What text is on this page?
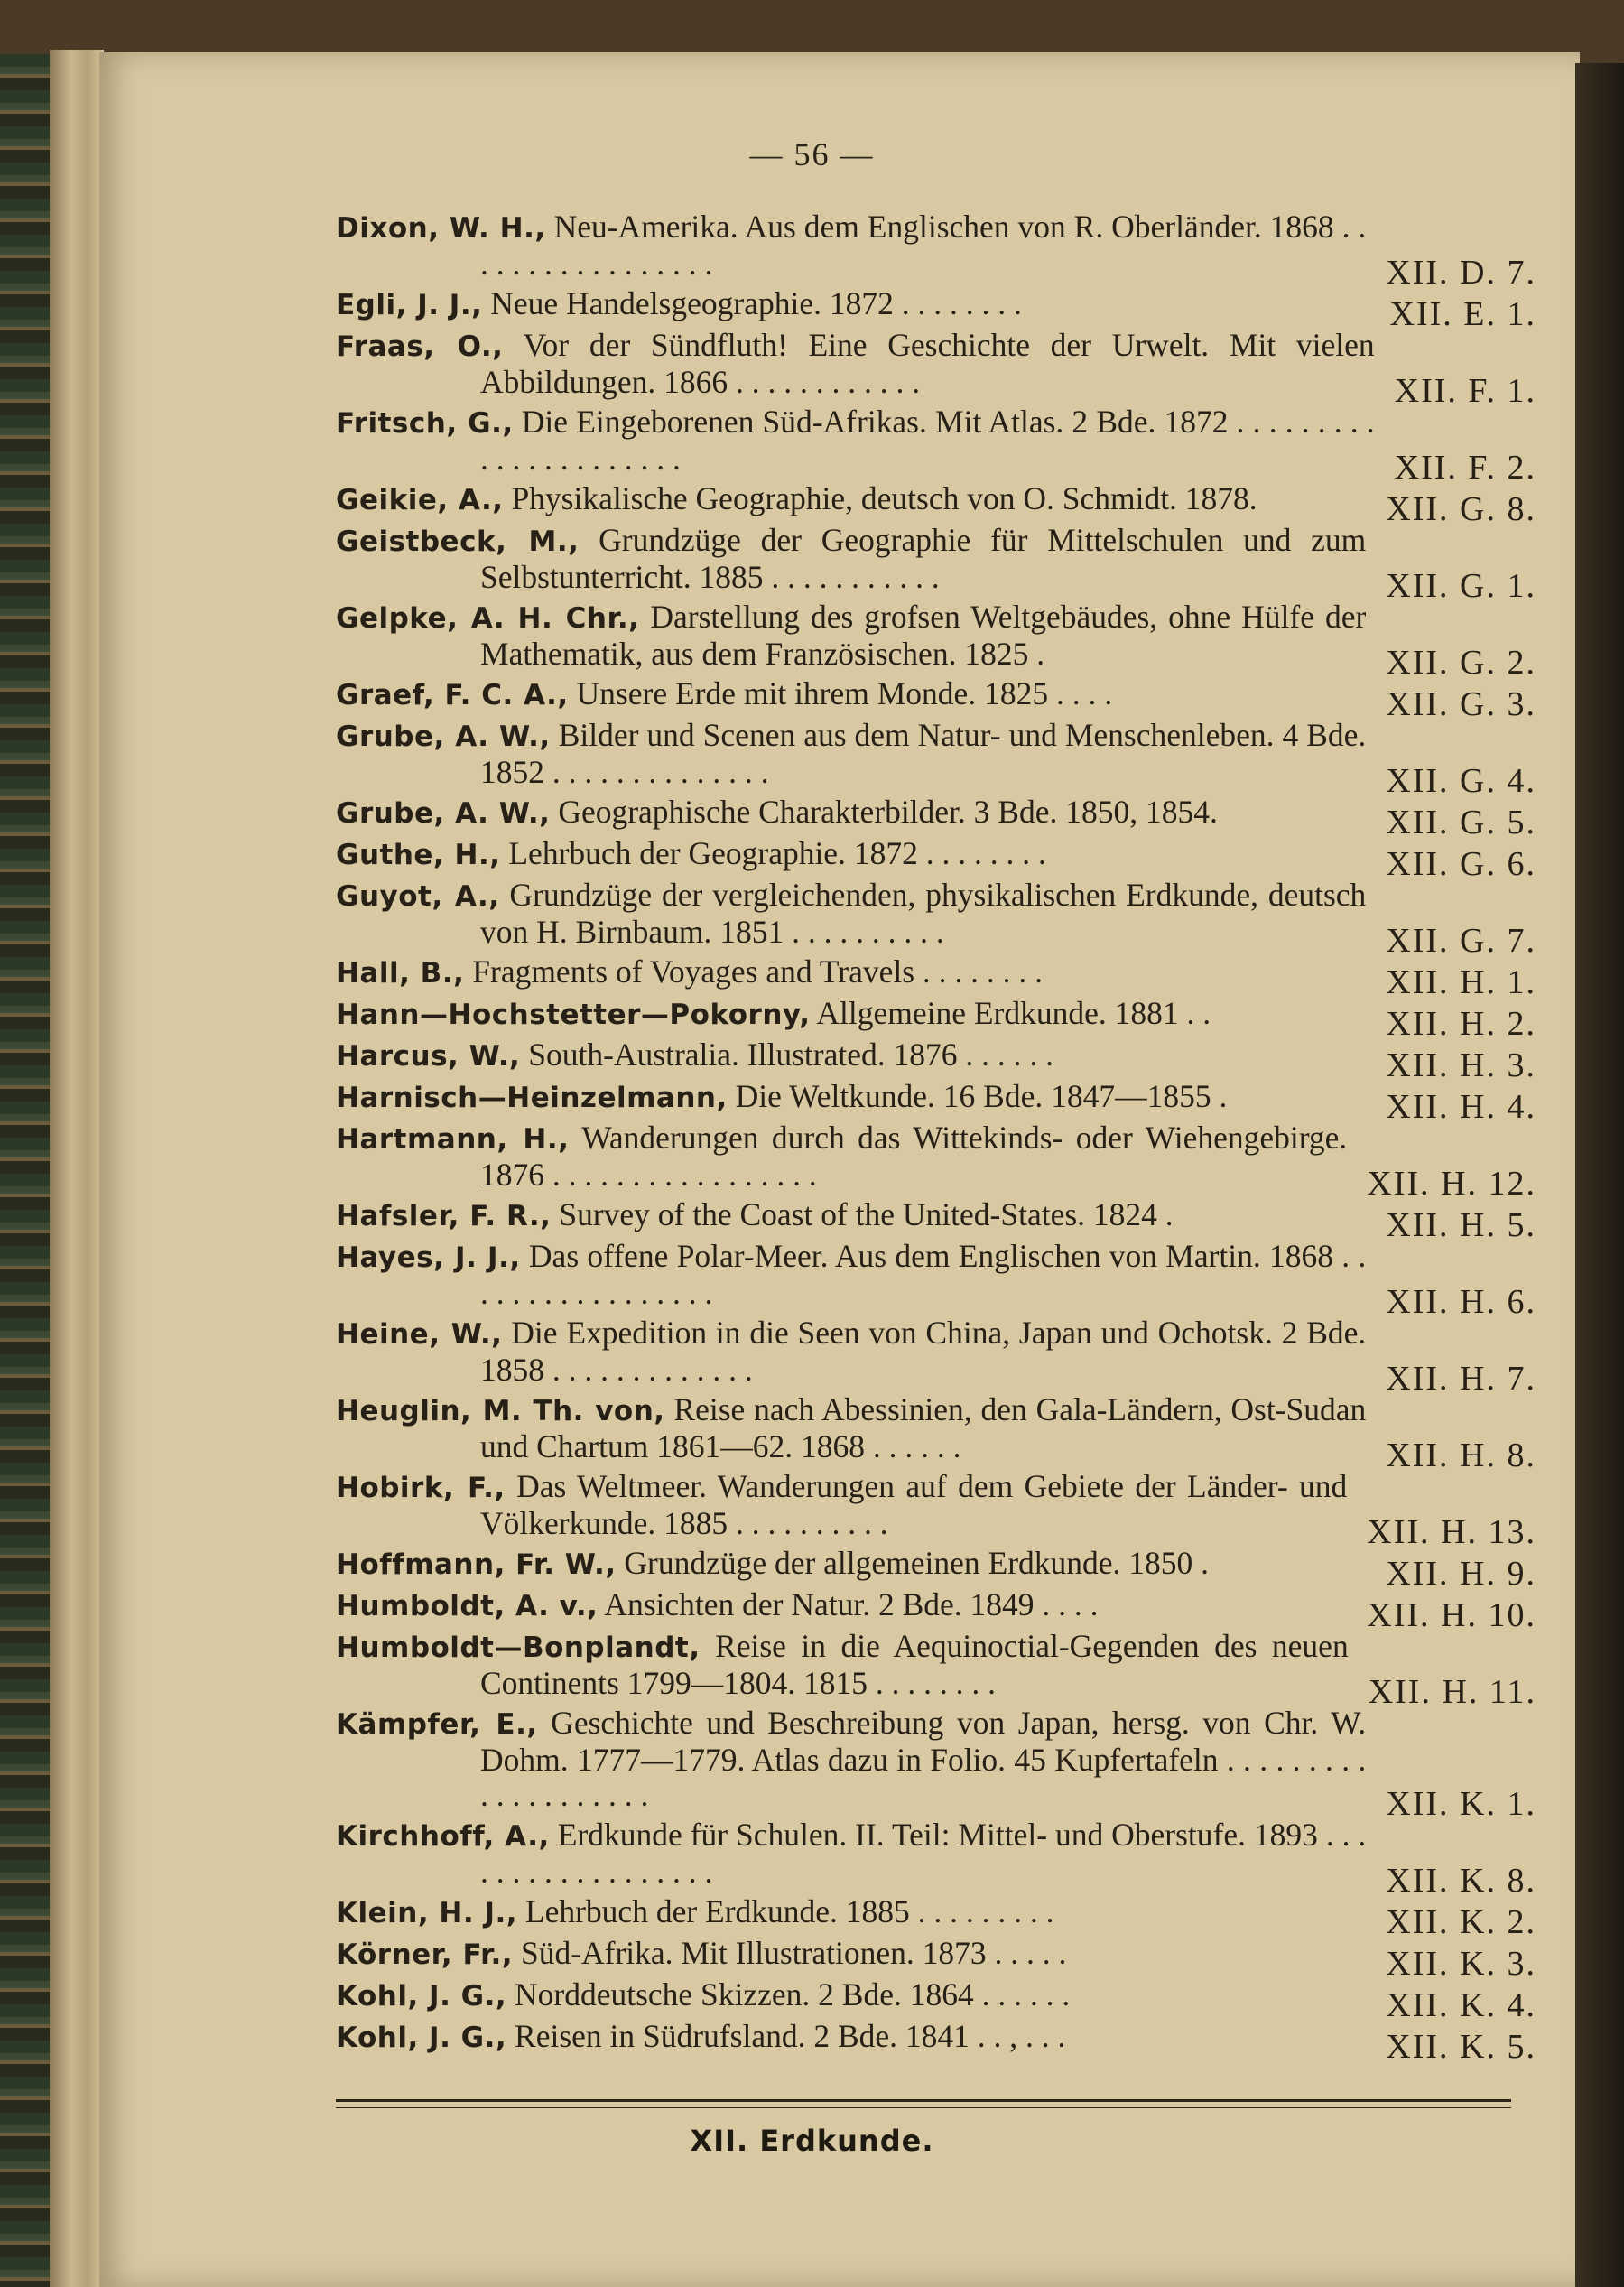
— 56 —
Dixon, W. H., Neu-Amerika. Aus dem Englischen von R. Oberländer. 1868 . . . . . . . . . . . . . . . . .	XII. D. 7.
Egli, J. J., Neue Handelsgeographie. 1872 . . . . . . . .	XII. E. 1.
Fraas, O., Vor der Sündfluth! Eine Geschichte der Urwelt. Mit vielen Abbildungen. 1866 . . . . . . . . . . . .	XII. F. 1.
Fritsch, G., Die Eingeborenen Süd-Afrikas. Mit Atlas. 2 Bde. 1872 . . . . . . . . . . . . . . . . . . . . . .	XII. F. 2.
Geikie, A., Physikalische Geographie, deutsch von O. Schmidt. 1878.	XII. G. 8.
Geistbeck, M., Grundzüge der Geographie für Mittelschulen und zum Selbstunterricht. 1885 . . . . . . . . . . .	XII. G. 1.
Gelpke, A. H. Chr., Darstellung des grofsen Weltgebäudes, ohne Hülfe der Mathematik, aus dem Französischen. 1825 .	XII. G. 2.
Graef, F. C. A., Unsere Erde mit ihrem Monde. 1825 . . . .	XII. G. 3.
Grube, A. W., Bilder und Scenen aus dem Natur- und Menschenleben. 4 Bde. 1852 . . . . . . . . . . . . . .	XII. G. 4.
Grube, A. W., Geographische Charakterbilder. 3 Bde. 1850, 1854.	XII. G. 5.
Guthe, H., Lehrbuch der Geographie. 1872 . . . . . . . .	XII. G. 6.
Guyot, A., Grundzüge der vergleichenden, physikalischen Erdkunde, deutsch von H. Birnbaum. 1851 . . . . . . . . . .	XII. G. 7.
Hall, B., Fragments of Voyages and Travels . . . . . . . .	XII. H. 1.
Hann—Hochstetter—Pokorny, Allgemeine Erdkunde. 1881 . .	XII. H. 2.
Harcus, W., South-Australia. Illustrated. 1876 . . . . . .	XII. H. 3.
Harnisch—Heinzelmann, Die Weltkunde. 16 Bde. 1847—1855 .	XII. H. 4.
Hartmann, H., Wanderungen durch das Wittekinds- oder Wiehengebirge. 1876 . . . . . . . . . . . . . . . . .	XII. H. 12.
Hafsler, F. R., Survey of the Coast of the United-States. 1824 .	XII. H. 5.
Hayes, J. J., Das offene Polar-Meer. Aus dem Englischen von Martin. 1868 . . . . . . . . . . . . . . . . .	XII. H. 6.
Heine, W., Die Expedition in die Seen von China, Japan und Ochotsk. 2 Bde. 1858 . . . . . . . . . . . . .	XII. H. 7.
Heuglin, M. Th. von, Reise nach Abessinien, den Gala-Ländern, Ost-Sudan und Chartum 1861—62. 1868 . . . . . .	XII. H. 8.
Hobirk, F., Das Weltmeer. Wanderungen auf dem Gebiete der Länder- und Völkerkunde. 1885 . . . . . . . . . .	XII. H. 13.
Hoffmann, Fr. W., Grundzüge der allgemeinen Erdkunde. 1850 .	XII. H. 9.
Humboldt, A. v., Ansichten der Natur. 2 Bde. 1849 . . . .	XII. H. 10.
Humboldt—Bonplandt, Reise in die Aequinoctial-Gegenden des neuen Continents 1799—1804. 1815 . . . . . . . .	XII. H. 11.
Kämpfer, E., Geschichte und Beschreibung von Japan, hersg. von Chr. W. Dohm. 1777—1779. Atlas dazu in Folio. 45 Kupfertafeln . . . . . . . . . . . . . . . . . . . .	XII. K. 1.
Kirchhoff, A., Erdkunde für Schulen. II. Teil: Mittel- und Oberstufe. 1893 . . . . . . . . . . . . . . . . . .	XII. K. 8.
Klein, H. J., Lehrbuch der Erdkunde. 1885 . . . . . . . . .	XII. K. 2.
Körner, Fr., Süd-Afrika. Mit Illustrationen. 1873 . . . . .	XII. K. 3.
Kohl, J. G., Norddeutsche Skizzen. 2 Bde. 1864 . . . . . .	XII. K. 4.
Kohl, J. G., Reisen in Südrufsland. 2 Bde. 1841 . . , . . .	XII. K. 5.
XII. Erdkunde.
